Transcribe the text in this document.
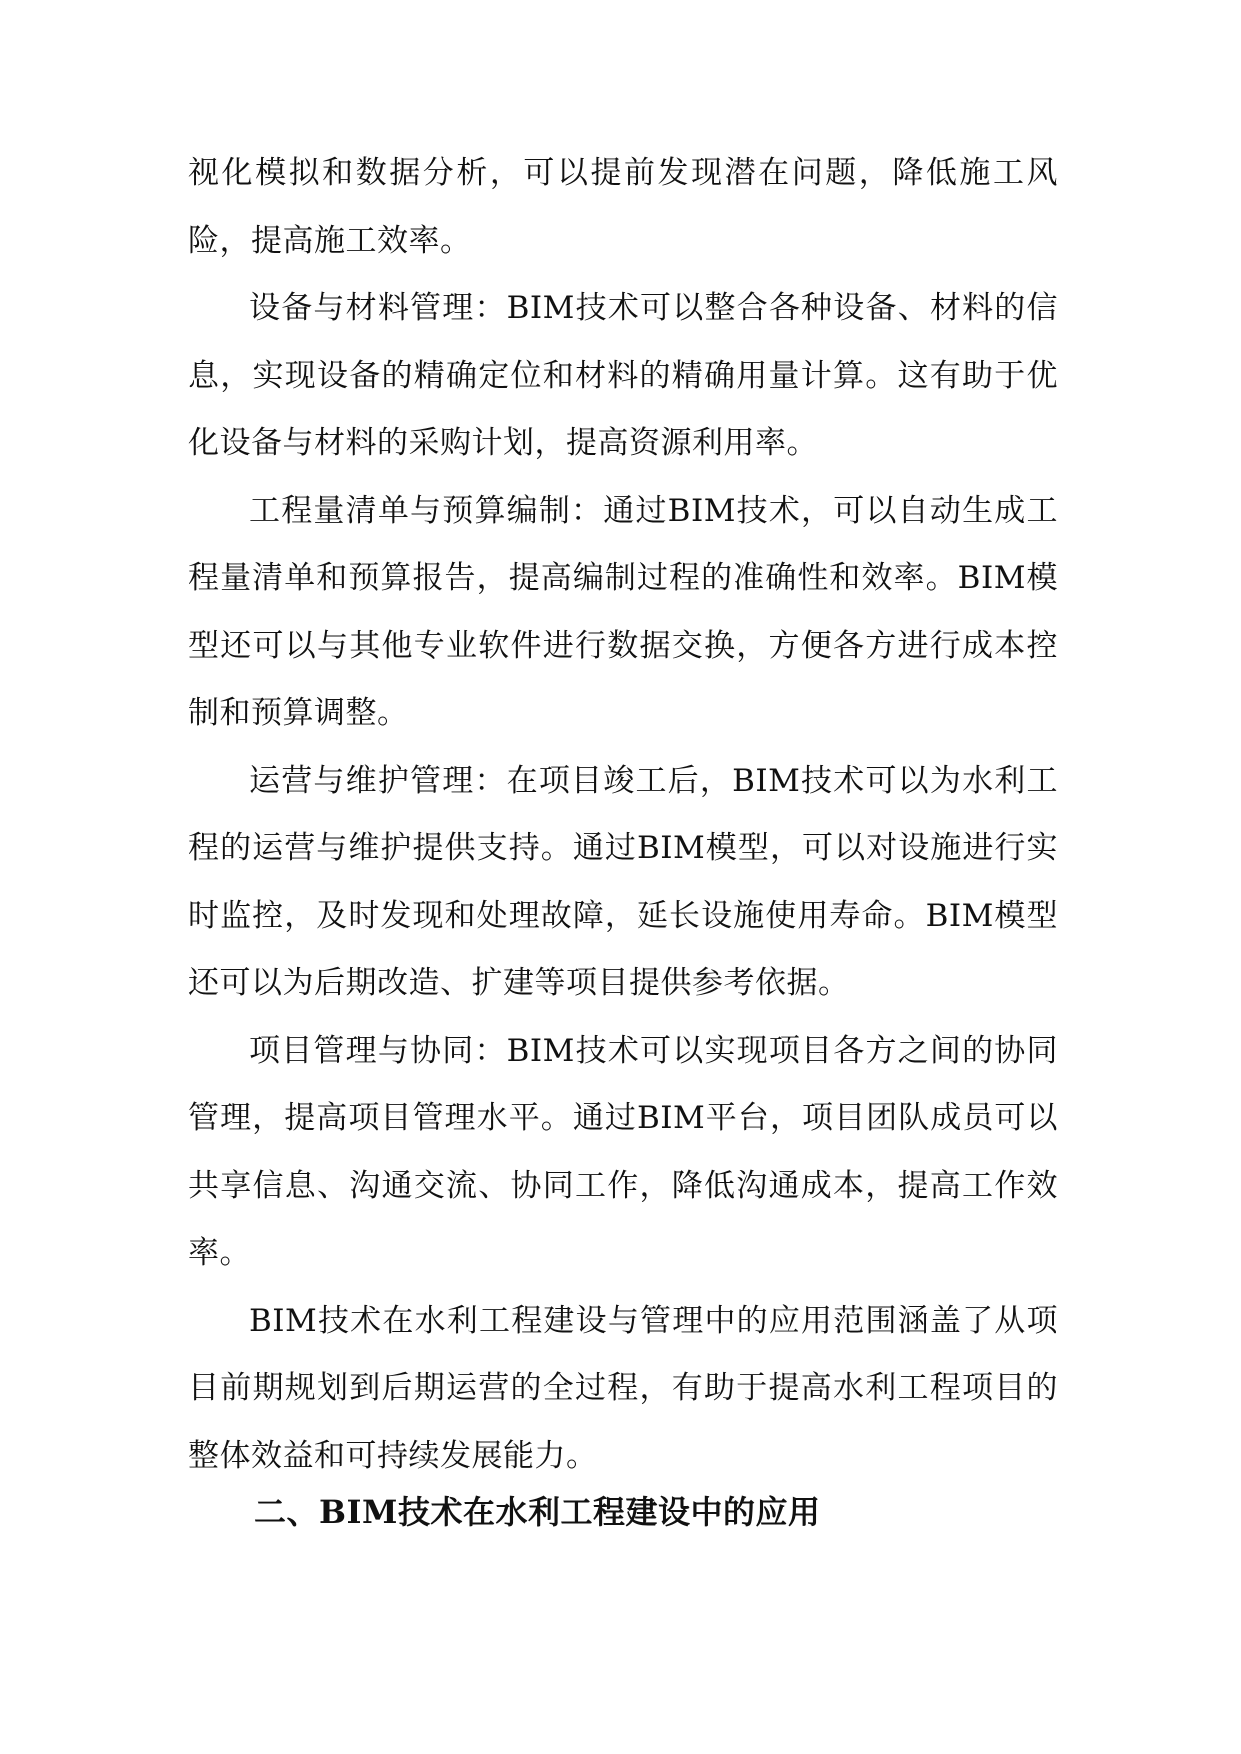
视化模拟和数据分析，可以提前发现潜在问题，降低施工风险，提高施工效率。

设备与材料管理：BIM技术可以整合各种设备、材料的信息，实现设备的精确定位和材料的精确用量计算。这有助于优化设备与材料的采购计划，提高资源利用率。

工程量清单与预算编制：通过BIM技术，可以自动生成工程量清单和预算报告，提高编制过程的准确性和效率。BIM模型还可以与其他专业软件进行数据交换，方便各方进行成本控制和预算调整。

运营与维护管理：在项目竣工后，BIM技术可以为水利工程的运营与维护提供支持。通过BIM模型，可以对设施进行实时监控，及时发现和处理故障，延长设施使用寿命。BIM模型还可以为后期改造、扩建等项目提供参考依据。

项目管理与协同：BIM技术可以实现项目各方之间的协同管理，提高项目管理水平。通过BIM平台，项目团队成员可以共享信息、沟通交流、协同工作，降低沟通成本，提高工作效率。

BIM技术在水利工程建设与管理中的应用范围涵盖了从项目前期规划到后期运营的全过程，有助于提高水利工程项目的整体效益和可持续发展能力。

二、BIM技术在水利工程建设中的应用
